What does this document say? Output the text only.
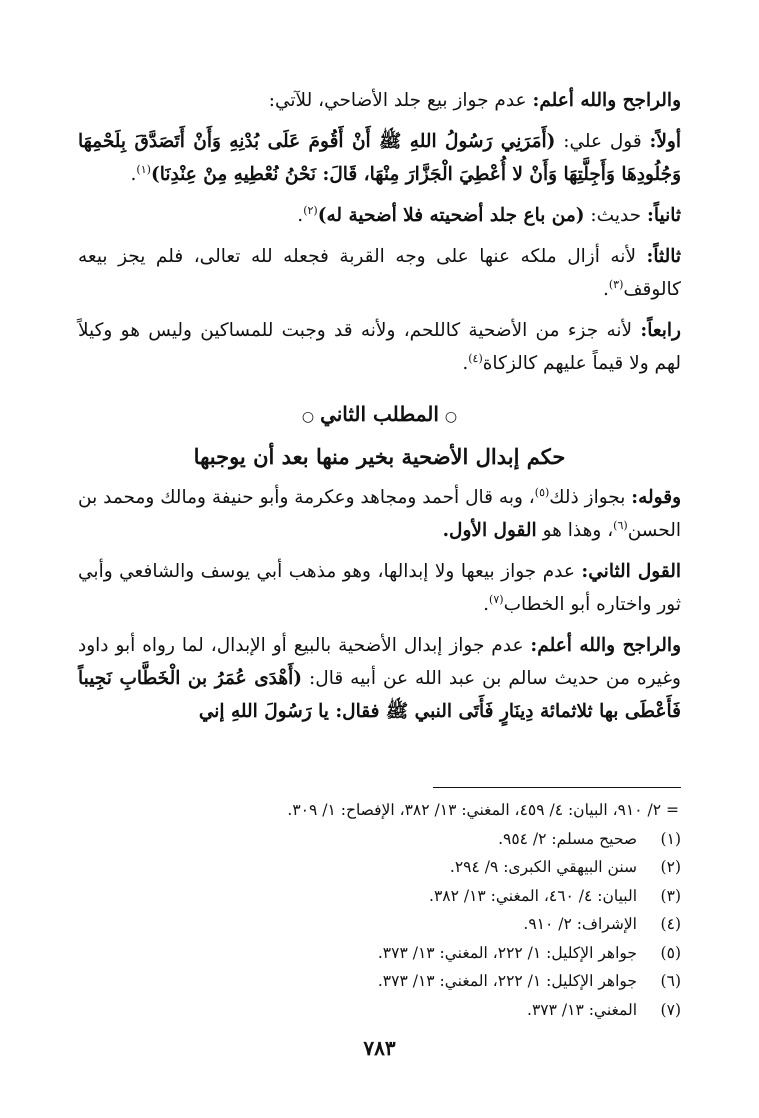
والراجح والله أعلم: عدم جواز بيع جلد الأضاحي، للآتي:

أولاً: قول علي: (أَمَرَنِي رَسُولُ اللهِ ﷺ أَنْ أَقُومَ عَلَى بُدْنِهِ وَأَنْ أَتَصَدَّقَ بِلَحْمِهَا وَجُلُودِهَا وَأَجِلَّتِهَا وَأَنْ لا أُعْطِيَ الْجَزَّارَ مِنْهَا، قَالَ: نَحْنُ نُعْطِيهِ مِنْ عِنْدِنَا)$^{(١)}$.

ثانياً: حديث: (من باع جلد أضحيته فلا أضحية له)$^{(٢)}$.

ثالثاً: لأنه أزال ملكه عنها على وجه القربة فجعله لله تعالى، فلم يجز بيعه كالوقف$^{(٣)}$.

رابعاً: لأنه جزء من الأضحية كاللحم، ولأنه قد وجبت للمساكين وليس هو وكيلاً لهم ولا قيماً عليهم كالزكاة$^{(٤)}$.

○المطلب الثاني○
حكم إبدال الأضحية بخير منها بعد أن يوجبها

وقوله: بجواز ذلك$^{(٥)}$، وبه قال أحمد ومجاهد وعكرمة وأبو حنيفة ومالك ومحمد بن الحسن$^{(٦)}$، وهذا هو القول الأول.

القول الثاني: عدم جواز بيعها ولا إبدالها، وهو مذهب أبي يوسف والشافعي وأبي ثور واختاره أبو الخطاب$^{(٧)}$.

والراجح والله أعلم: عدم جواز إبدال الأضحية بالبيع أو الإبدال، لما رواه أبو داود وغيره من حديث سالم بن عبد الله عن أبيه قال: (أَهْدَى عُمَرُ بن الْخَطَّابِ نَجِيباً فَأَعْطَى بها ثلاثمائة دِينَارٍ فَأَتَى النبي ﷺ فقال: يا رَسُولَ اللهِ إني

= ٢/ ٩١٠، البيان: ٤/ ٤٥٩، المغني: ١٣/ ٣٨٢، الإفصاح: ١/ ٣٠٩.
(١)
صحيح مسلم: ٢/ ٩٥٤.
(٢)
سنن البيهقي الكبرى: ٩/ ٢٩٤.
(٣)
البيان: ٤/ ٤٦٠، المغني: ١٣/ ٣٨٢.
(٤)
الإشراف: ٢/ ٩١٠.
(٥)
جواهر الإكليل: ١/ ٢٢٢، المغني: ١٣/ ٣٧٣.
(٦)
جواهر الإكليل: ١/ ٢٢٢، المغني: ١٣/ ٣٧٣.
(٧)
المغني: ١٣/ ٣٧٣.
٧٨٣
